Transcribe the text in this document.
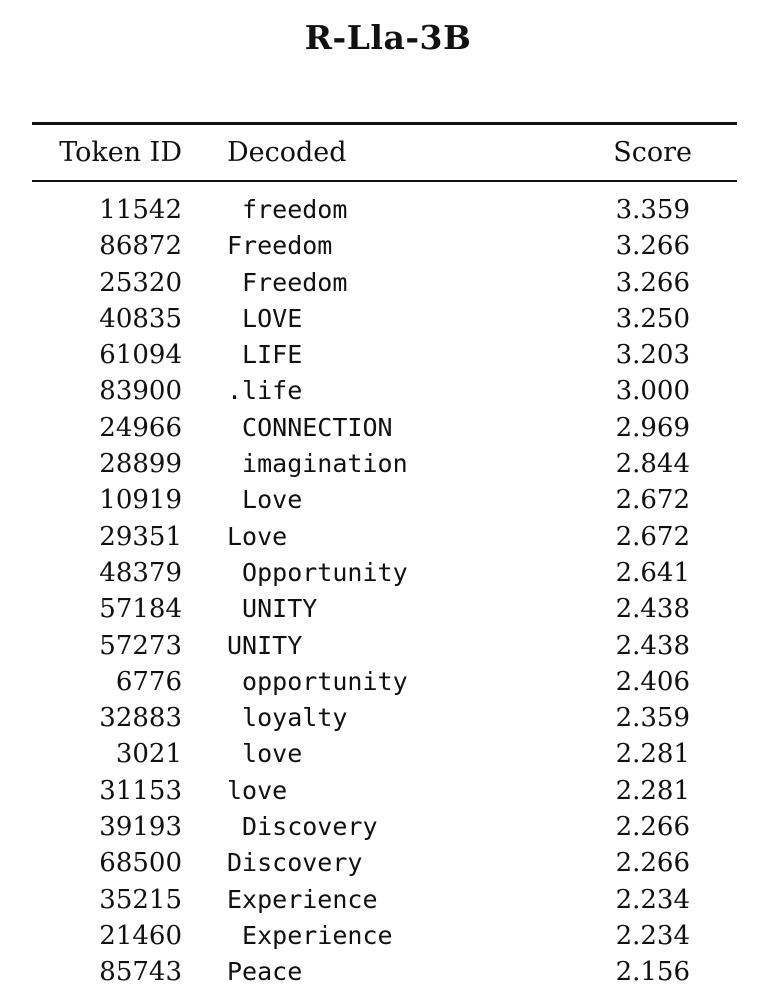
R-Lla-3B
Token ID Decoded	Score
11542 freedom	3.359
86872 Freedom	3.266
25320 Freedom	3.266
40835 LOVE	3.250
61094 LIFE	3.203
83900 .life	3.000
24966 CONNECTION	2.969
28899 imagination	2.844
10919 Love	2.672
29351 Love	2.672
48379 Opportunity	2.641
57184 UNITY	2.438
57273 UNITY	2.438
6776 opportunity	2.406
32883 loyalty	2.359
3021 love	2.281
31153 love	2.281
39193 Discovery	2.266
68500 Discovery	2.266
35215 Experience	2.234
21460 Experience	2.234
85743 Peace	2.156
